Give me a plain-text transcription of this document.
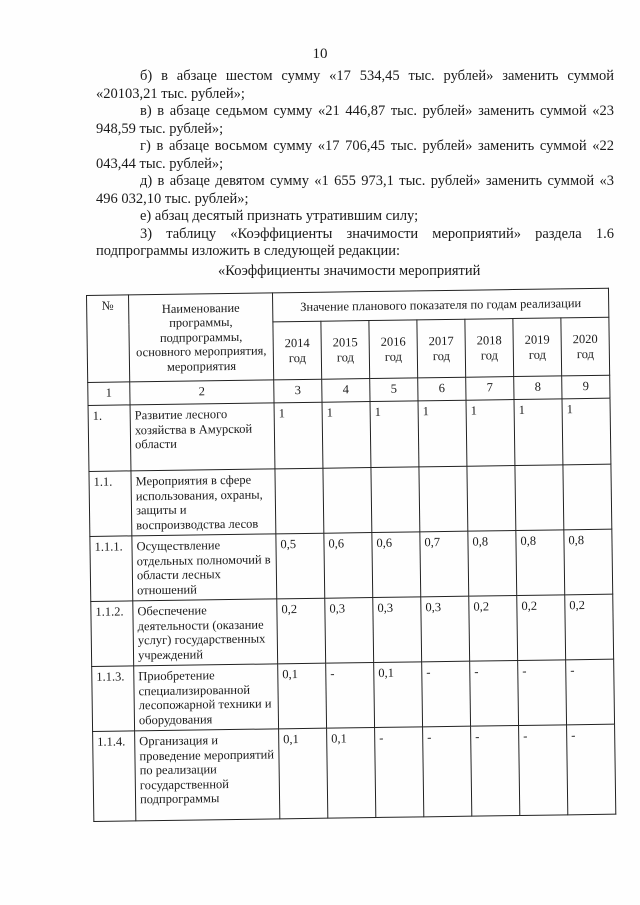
10

б) в абзаце шестом сумму «17 534,45 тыс. рублей» заменить суммой «20103,21 тыс. рублей»;

в) в абзаце седьмом сумму «21 446,87 тыс. рублей» заменить суммой «23 948,59 тыс. рублей»;

г) в абзаце восьмом сумму «17 706,45 тыс. рублей» заменить суммой «22 043,44 тыс. рублей»;

д) в абзаце девятом сумму «1 655 973,1 тыс. рублей» заменить суммой «3 496 032,10 тыс. рублей»;

е) абзац десятый признать утратившим силу;

3) таблицу «Коэффициенты значимости мероприятий» раздела 1.6 подпрограммы изложить в следующей редакции:

«Коэффициенты значимости мероприятий

№	Наименование программы, подпрограммы, основного мероприятия, мероприятия	Значение планового показателя по годам реализации						
		2014 год	2015 год	2016 год	2017 год	2018 год	2019 год	2020 год
1	2	3	4	5	6	7	8	9
1.	Развитие лесного хозяйства в Амурской области	1	1	1	1	1	1	1
1.1.	Мероприятия в сфере использования, охраны, защиты и воспроизводства лесов							
1.1.1.	Осуществление отдельных полномочий в области лесных отношений	0,5	0,6	0,6	0,7	0,8	0,8	0,8
1.1.2.	Обеспечение деятельности (оказание услуг) государственных учреждений	0,2	0,3	0,3	0,3	0,2	0,2	0,2
1.1.3.	Приобретение специализированной лесопожарной техники и оборудования	0,1	-	0,1	-	-	-	-
1.1.4.	Организация и проведение мероприятий по реализации государственной подпрограммы	0,1	0,1	-	-	-	-	-
